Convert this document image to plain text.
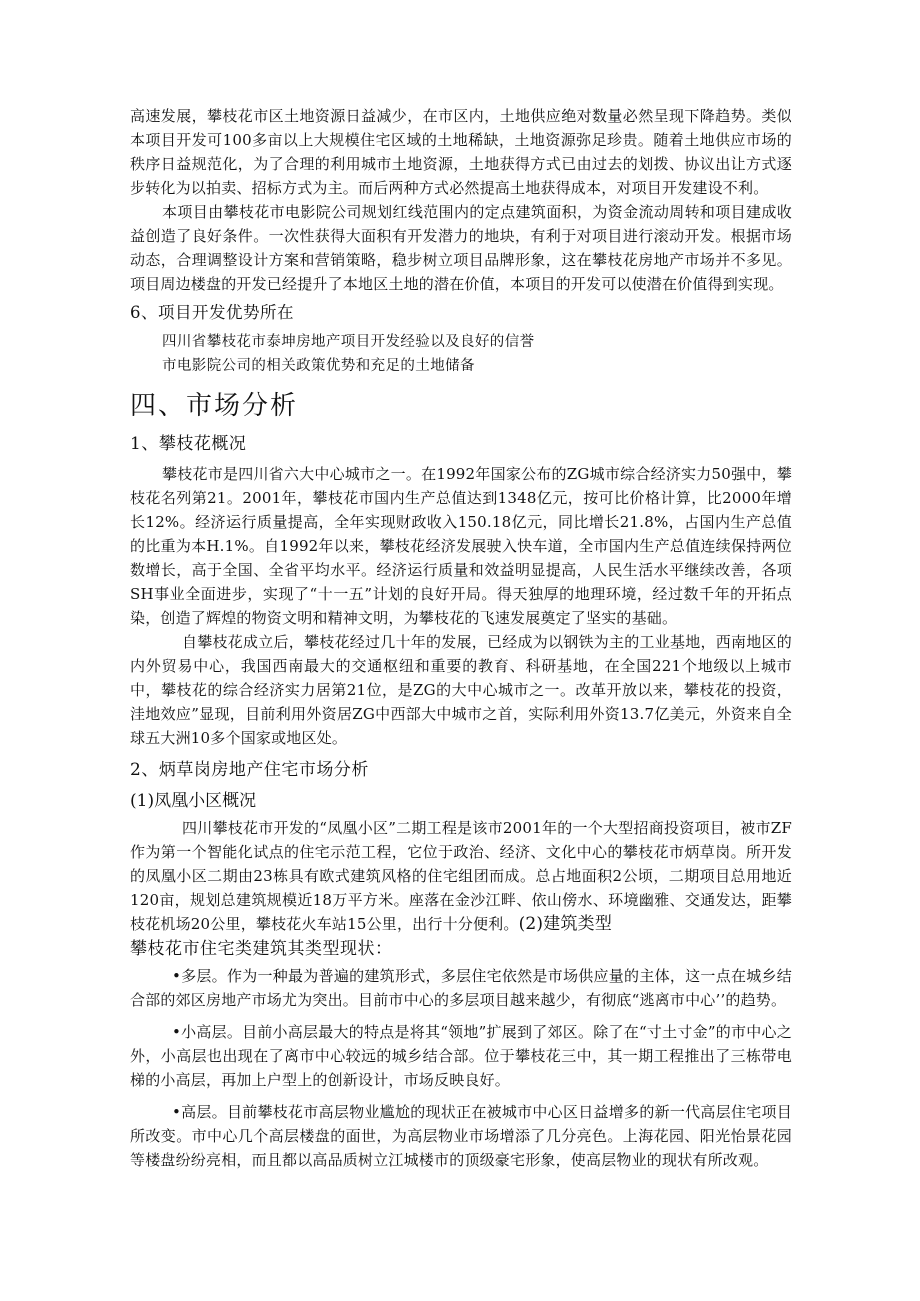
高速发展，攀枝花市区土地资源日益减少，在市区内，土地供应绝对数量必然呈现下降趋势。类似本项目开发可100多亩以上大规模住宅区域的土地稀缺，土地资源弥足珍贵。随着土地供应市场的秩序日益规范化，为了合理的利用城市土地资源，土地获得方式已由过去的划拨、协议出让方式逐步转化为以拍卖、招标方式为主。而后两种方式必然提高土地获得成本，对项目开发建设不利。

本项目由攀枝花市电影院公司规划红线范围内的定点建筑面积，为资金流动周转和项目建成收益创造了良好条件。一次性获得大面积有开发潜力的地块，有利于对项目进行滚动开发。根据市场动态，合理调整设计方案和营销策略，稳步树立项目品牌形象，这在攀枝花房地产市场并不多见。项目周边楼盘的开发已经提升了本地区土地的潜在价值，本项目的开发可以使潜在价值得到实现。

6、项目开发优势所在
四川省攀枝花市泰坤房地产项目开发经验以及良好的信誉
市电影院公司的相关政策优势和充足的土地储备
四、市场分析
1、攀枝花概况

攀枝花市是四川省六大中心城市之一。在1992年国家公布的ZG城市综合经济实力50强中，攀枝花名列第21。2001年，攀枝花市国内生产总值达到1348亿元，按可比价格计算，比2000年增长12%。经济运行质量提高，全年实现财政收入150.18亿元，同比增长21.8%，占国内生产总值的比重为本H.1%。自1992年以来，攀枝花经济发展驶入快车道，全市国内生产总值连续保持两位数增长，高于全国、全省平均水平。经济运行质量和效益明显提高，人民生活水平继续改善，各项SH事业全面进步，实现了“十一五”计划的良好开局。得天独厚的地理环境，经过数千年的开拓点染，创造了辉煌的物资文明和精神文明，为攀枝花的飞速发展奠定了坚实的基础。

自攀枝花成立后，攀枝花经过几十年的发展，已经成为以钢铁为主的工业基地，西南地区的内外贸易中心，我国西南最大的交通枢纽和重要的教育、科研基地，在全国221个地级以上城市中，攀枝花的综合经济实力居第21位，是ZG的大中心城市之一。改革开放以来，攀枝花的投资，洼地效应”显现，目前利用外资居ZG中西部大中城市之首，实际利用外资13.7亿美元，外资来自全球五大洲10多个国家或地区处。

2、炳草岗房地产住宅市场分析
(1)凤凰小区概况

四川攀枝花市开发的“凤凰小区”二期工程是该市2001年的一个大型招商投资项目，被市ZF作为第一个智能化试点的住宅示范工程，它位于政治、经济、文化中心的攀枝花市炳草岗。所开发的凤凰小区二期由23栋具有欧式建筑风格的住宅组团而成。总占地面积2公顷，二期项目总用地近120亩，规划总建筑规模近18万平方米。座落在金沙江畔、依山傍水、环境幽雅、交通发达，距攀枝花机场20公里，攀枝花火车站15公里，出行十分便利。(2)建筑类型

攀枝花市住宅类建筑其类型现状：

•多层。作为一种最为普遍的建筑形式，多层住宅依然是市场供应量的主体，这一点在城乡结合部的郊区房地产市场尤为突出。目前市中心的多层项目越来越少，有彻底“逃离市中心’’的趋势。

•小高层。目前小高层最大的特点是将其“领地”扩展到了郊区。除了在“寸土寸金”的市中心之外，小高层也出现在了离市中心较远的城乡结合部。位于攀枝花三中，其一期工程推出了三栋带电梯的小高层，再加上户型上的创新设计，市场反映良好。

•高层。目前攀枝花市高层物业尴尬的现状正在被城市中心区日益增多的新一代高层住宅项目所改变。市中心几个高层楼盘的面世，为高层物业市场增添了几分亮色。上海花园、阳光怡景花园等楼盘纷纷亮相，而且都以高品质树立江城楼市的顶级豪宅形象，使高层物业的现状有所改观。
